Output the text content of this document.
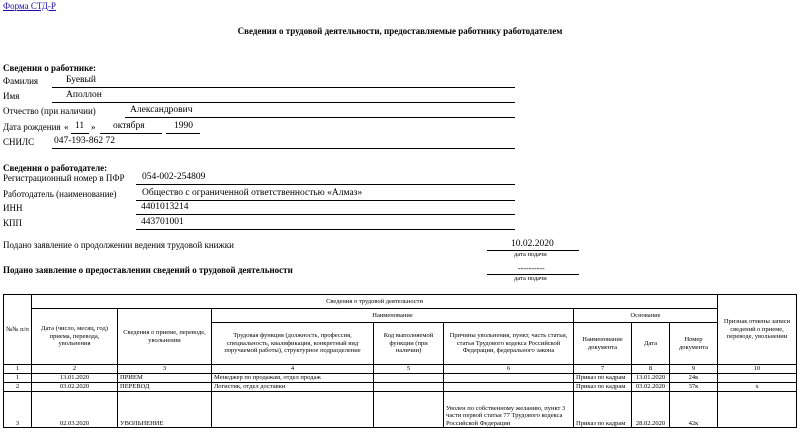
Форма СТД-Р
Сведения о трудовой деятельности, предоставляемые работнику работодателем
Сведения о работнике:
Фамилия	Буевый
Имя	Аполлон
Отчество (при наличии)	Александрович
Дата рождения « 11 » октября	1990
СНИЛС 047-193-862 72
Сведения о работодателе:
Регистрационный номер в ПФР 054-002-254809
Работодатель (наименование)	Общество с ограниченной ответственностью «Алмаз»
ИНН	4401013214
КПП	443701001
Подано заявление о продолжении ведения трудовой книжки	10.02.2020
дата подачи
Подано заявление о предоставлении сведений о трудовой деятельности	----------
дата подачи
№№ п/п	Сведения о трудовой деятельности								Признак отмены записи сведений о приеме, переводе, увольнении
	Дата (число, месяц, год) приема, перевода, увольнения	Сведения о приеме, переводе, увольнении	Наименование			Основание			
			Трудовая функция (должность, профессия, специальность, квалификация, конкретный вид поручаемой работы), структурное подразделение	Код выполняемой функции (при наличии)	Причины увольнения, пункт, часть статьи, статья Трудового кодекса Российской Федерации, федерального закона	Наименование документа	Дата	Номер документа	
1	2	3	4	5	6	7	8	9	10
1	13.01.2020	ПРИЕМ	Менеджер по продажам, отдел продаж			Приказ по кадрам	13.01.2020	24к	
2	03.02.2020	ПЕРЕВОД	Логистик, отдел доставки			Приказ по кадрам	03.02.2020	37к	х
3	02.03.2020	УВОЛЬНЕНИЕ			Уволен по собственному желанию, пункт 3 части первой статьи 77 Трудового кодекса Российской Федерации	Приказ по кадрам	28.02.2020	42к	
